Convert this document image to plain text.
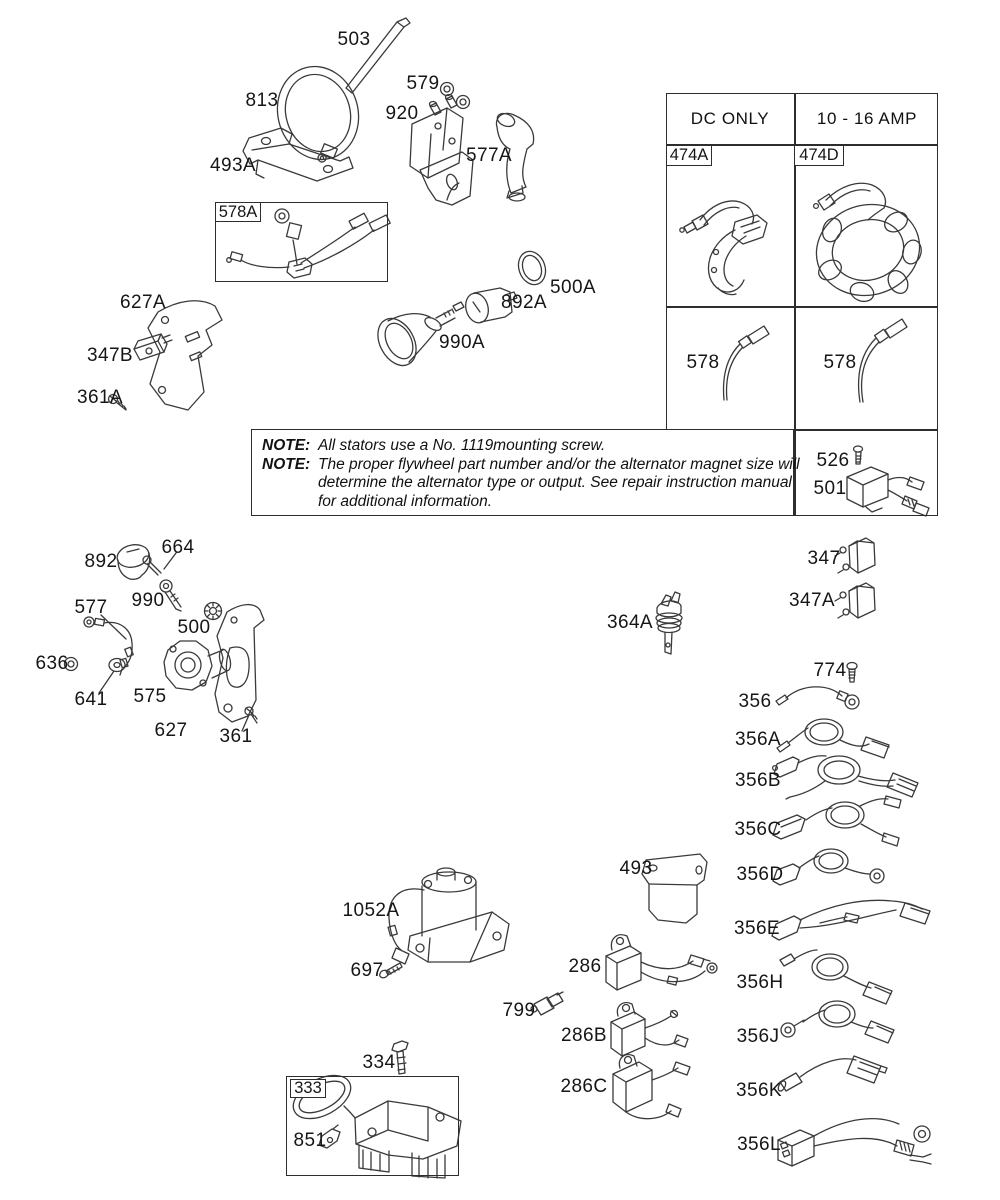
DC ONLY	10 - 16 AMP
NOTE: All stators use a No. 1119mounting screw.
NOTE: The proper flywheel part number and/or the alternator magnet size will
determine the alternator type or output. See repair instruction manual
for additional information.
503
813
493A
579
920
577A
627A
347B
361A
500A
892A
990A
892
664
990
577
500
636
641 575
627 361
364A
347
347A
774
356
356A
356B
356C
356D
356E
356H
356J
356K
356L
1052A
697
799
493
286
286B
286C
334
851
526
501
578	578
578A
474A	474D
333
